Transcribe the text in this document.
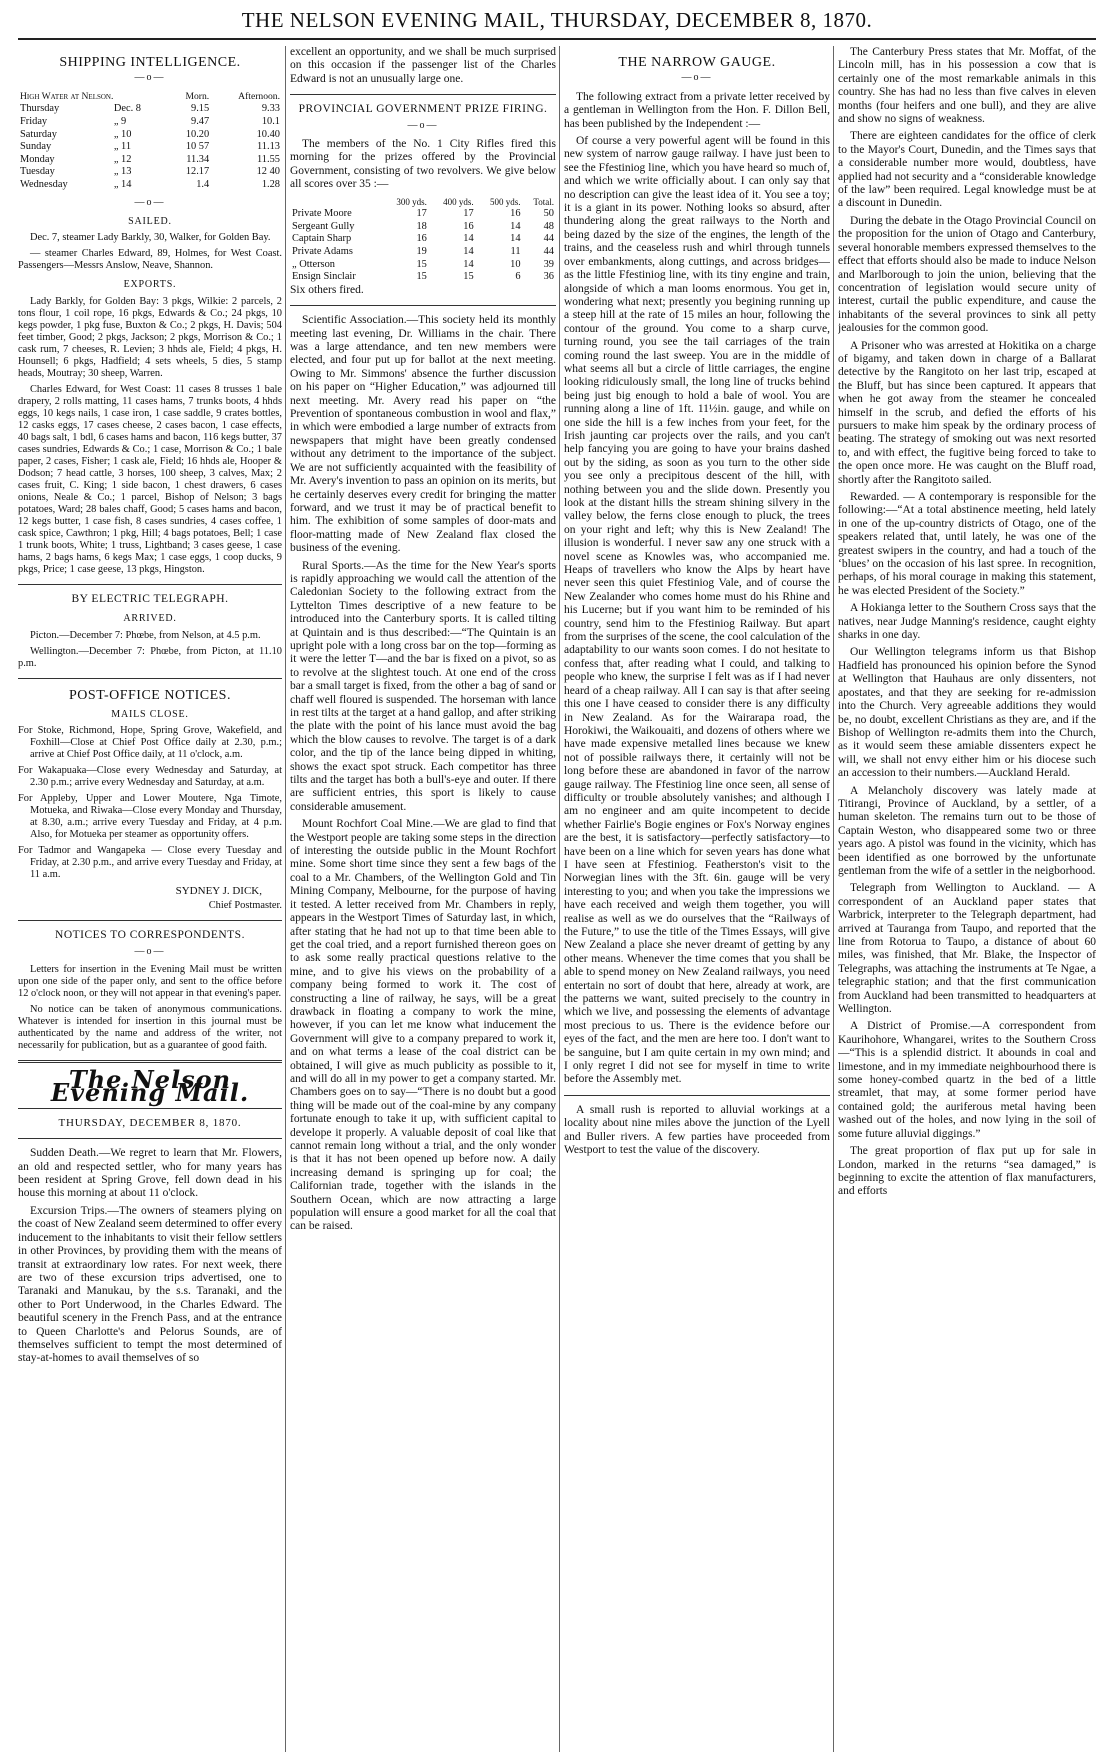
THE NELSON EVENING MAIL, THURSDAY, DECEMBER 8, 1870.
SHIPPING INTELLIGENCE.
—o—
High Water at Nelson.		Morn.	Afternoon.
Thursday	Dec. 8	9.15	9.33
Friday	„ 9	9.47	10.1
Saturday	„ 10	10.20	10.40
Sunday	„ 11	10 57	11.13
Monday	„ 12	11.34	11.55
Tuesday	„ 13	12.17	12 40
Wednesday	„ 14	1.4	1.28
—o—
SAILED.

Dec. 7, steamer Lady Barkly, 30, Walker, for Golden Bay.

— steamer Charles Edward, 89, Holmes, for West Coast. Passengers—Messrs Anslow, Neave, Shannon.

EXPORTS.

Lady Barkly, for Golden Bay: 3 pkgs, Wilkie: 2 parcels, 2 tons flour, 1 coil rope, 16 pkgs, Edwards & Co.; 24 pkgs, 10 kegs powder, 1 pkg fuse, Buxton & Co.; 2 pkgs, H. Davis; 504 feet timber, Good; 2 pkgs, Jackson; 2 pkgs, Morrison & Co.; 1 cask rum, 7 cheeses, R. Levien; 3 hhds ale, Field; 4 pkgs, H. Hounsell; 6 pkgs, Hadfield; 4 sets wheels, 5 dies, 5 stamp heads, Moutray; 30 sheep, Warren.

Charles Edward, for West Coast: 11 cases 8 trusses 1 bale drapery, 2 rolls matting, 11 cases hams, 7 trunks boots, 4 hhds eggs, 10 kegs nails, 1 case iron, 1 case saddle, 9 crates bottles, 12 casks eggs, 17 cases cheese, 2 cases bacon, 1 case effects, 40 bags salt, 1 bdl, 6 cases hams and bacon, 116 kegs butter, 37 cases sundries, Edwards & Co.; 1 case, Morrison & Co.; 1 bale paper, 2 cases, Fisher; 1 cask ale, Field; 16 hhds ale, Hooper & Dodson; 7 head cattle, 3 horses, 100 sheep, 3 calves, Max; 2 cases fruit, C. King; 1 side bacon, 1 chest drawers, 6 cases onions, Neale & Co.; 1 parcel, Bishop of Nelson; 3 bags potatoes, Ward; 28 bales chaff, Good; 5 cases hams and bacon, 12 kegs butter, 1 case fish, 8 cases sundries, 4 cases coffee, 1 cask spice, Cawthron; 1 pkg, Hill; 4 bags potatoes, Bell; 1 case 1 trunk boots, White; 1 truss, Lightband; 3 cases geese, 1 case hams, 2 bags hams, 6 kegs Max; 1 case eggs, 1 coop ducks, 9 pkgs, Price; 1 case geese, 13 pkgs, Hingston.

BY ELECTRIC TELEGRAPH.
ARRIVED.

Picton.—December 7: Phœbe, from Nelson, at 4.5 p.m.

Wellington.—December 7: Phœbe, from Picton, at 11.10 p.m.

POST-OFFICE NOTICES.
MAILS CLOSE.

For Stoke, Richmond, Hope, Spring Grove, Wakefield, and Foxhill—Close at Chief Post Office daily at 2.30, p.m.; arrive at Chief Post Office daily, at 11 o'clock, a.m.

For Wakapuaka—Close every Wednesday and Saturday, at 2.30 p.m.; arrive every Wednesday and Saturday, at a.m.

For Appleby, Upper and Lower Moutere, Nga Timote, Motueka, and Riwaka—Close every Monday and Thursday, at 8.30, a.m.; arrive every Tuesday and Friday, at 4 p.m. Also, for Motueka per steamer as opportunity offers.

For Tadmor and Wangapeka — Close every Tuesday and Friday, at 2.30 p.m., and arrive every Tuesday and Friday, at 11 a.m.

SYDNEY J. DICK,
Chief Postmaster.
NOTICES TO CORRESPONDENTS.
—o—

Letters for insertion in the Evening Mail must be written upon one side of the paper only, and sent to the office before 12 o'clock noon, or they will not appear in that evening's paper.

No notice can be taken of anonymous communications. Whatever is intended for insertion in this journal must be authenticated by the name and address of the writer, not necessarily for publication, but as a guarantee of good faith.

The Nelson Evening Mail.
THURSDAY, DECEMBER 8, 1870.

Sudden Death.—We regret to learn that Mr. Flowers, an old and respected settler, who for many years has been resident at Spring Grove, fell down dead in his house this morning at about 11 o'clock.

Excursion Trips.—The owners of steamers plying on the coast of New Zealand seem determined to offer every inducement to the inhabitants to visit their fellow settlers in other Provinces, by providing them with the means of transit at extraordinary low rates. For next week, there are two of these excursion trips advertised, one to Taranaki and Manukau, by the s.s. Taranaki, and the other to Port Underwood, in the Charles Edward. The beautiful scenery in the French Pass, and at the entrance to Queen Charlotte's and Pelorus Sounds, are of themselves sufficient to tempt the most determined of stay-at-homes to avail themselves of so

excellent an opportunity, and we shall be much surprised on this occasion if the passenger list of the Charles Edward is not an unusually large one.

PROVINCIAL GOVERNMENT PRIZE FIRING.
—o—

The members of the No. 1 City Rifles fired this morning for the prizes offered by the Provincial Government, consisting of two revolvers. We give below all scores over 35 :—

	300 yds.	400 yds.	500 yds.	Total.
Private Moore	17	17	16	50
Sergeant Gully	18	16	14	48
Captain Sharp	16	14	14	44
Private Adams	19	14	11	44
„ Otterson	15	14	10	39
Ensign Sinclair	15	15	6	36

Six others fired.

Scientific Association.—This society held its monthly meeting last evening, Dr. Williams in the chair. There was a large attendance, and ten new members were elected, and four put up for ballot at the next meeting. Owing to Mr. Simmons' absence the further discussion on his paper on “Higher Education,” was adjourned till next meeting. Mr. Avery read his paper on “the Prevention of spontaneous combustion in wool and flax,” in which were embodied a large number of extracts from newspapers that might have been greatly condensed without any detriment to the importance of the subject. We are not sufficiently acquainted with the feasibility of Mr. Avery's invention to pass an opinion on its merits, but he certainly deserves every credit for bringing the matter forward, and we trust it may be of practical benefit to him. The exhibition of some samples of door-mats and floor-matting made of New Zealand flax closed the business of the evening.

Rural Sports.—As the time for the New Year's sports is rapidly approaching we would call the attention of the Caledonian Society to the following extract from the Lyttelton Times descriptive of a new feature to be introduced into the Canterbury sports. It is called tilting at Quintain and is thus described:—“The Quintain is an upright pole with a long cross bar on the top—forming as it were the letter T—and the bar is fixed on a pivot, so as to revolve at the slightest touch. At one end of the cross bar a small target is fixed, from the other a bag of sand or chaff well floured is suspended. The horseman with lance in rest tilts at the target at a hand gallop, and after striking the plate with the point of his lance must avoid the bag which the blow causes to revolve. The target is of a dark color, and the tip of the lance being dipped in whiting, shows the exact spot struck. Each competitor has three tilts and the target has both a bull's-eye and outer. If there are sufficient entries, this sport is likely to cause considerable amusement.

Mount Rochfort Coal Mine.—We are glad to find that the Westport people are taking some steps in the direction of interesting the outside public in the Mount Rochfort mine. Some short time since they sent a few bags of the coal to a Mr. Chambers, of the Wellington Gold and Tin Mining Company, Melbourne, for the purpose of having it tested. A letter received from Mr. Chambers in reply, appears in the Westport Times of Saturday last, in which, after stating that he had not up to that time been able to get the coal tried, and a report furnished thereon goes on to ask some really practical questions relative to the mine, and to give his views on the probability of a company being formed to work it. The cost of constructing a line of railway, he says, will be a great drawback in floating a company to work the mine, however, if you can let me know what inducement the Government will give to a company prepared to work it, and on what terms a lease of the coal district can be obtained, I will give as much publicity as possible to it, and will do all in my power to get a company started. Mr. Chambers goes on to say—“There is no doubt but a good thing will be made out of the coal-mine by any company fortunate enough to take it up, with sufficient capital to develope it properly. A valuable deposit of coal like that cannot remain long without a trial, and the only wonder is that it has not been opened up before now. A daily increasing demand is springing up for coal; the Californian trade, together with the islands in the Southern Ocean, which are now attracting a large population will ensure a good market for all the coal that can be raised.

THE NARROW GAUGE.
—o—

The following extract from a private letter received by a gentleman in Wellington from the Hon. F. Dillon Bell, has been published by the Independent :—

Of course a very powerful agent will be found in this new system of narrow gauge railway. I have just been to see the Ffestiniog line, which you have heard so much of, and which we write officially about. I can only say that no description can give the least idea of it. You see a toy; it is a giant in its power. Nothing looks so absurd, after thundering along the great railways to the North and being dazed by the size of the engines, the length of the trains, and the ceaseless rush and whirl through tunnels over embankments, along cuttings, and across bridges—as the little Ffestiniog line, with its tiny engine and train, alongside of which a man looms enormous. You get in, wondering what next; presently you begining running up a steep hill at the rate of 15 miles an hour, following the contour of the ground. You come to a sharp curve, turning round, you see the tail carriages of the train coming round the last sweep. You are in the middle of what seems all but a circle of little carriages, the engine looking ridiculously small, the long line of trucks behind being just big enough to hold a bale of wool. You are running along a line of 1ft. 11½in. gauge, and while on one side the hill is a few inches from your feet, for the Irish jaunting car projects over the rails, and you can't help fancying you are going to have your brains dashed out by the siding, as soon as you turn to the other side you see only a precipitous descent of the hill, with nothing between you and the slide down. Presently you look at the distant hills the stream shining silvery in the valley below, the ferns close enough to pluck, the trees on your right and left; why this is New Zealand! The illusion is wonderful. I never saw any one struck with a novel scene as Knowles was, who accompanied me. Heaps of travellers who know the Alps by heart have never seen this quiet Ffestiniog Vale, and of course the New Zealander who comes home must do his Rhine and his Lucerne; but if you want him to be reminded of his country, send him to the Ffestiniog Railway. But apart from the surprises of the scene, the cool calculation of the adaptability to our wants soon comes. I do not hesitate to confess that, after reading what I could, and talking to people who knew, the surprise I felt was as if I had never heard of a cheap railway. All I can say is that after seeing this one I have ceased to consider there is any difficulty in New Zealand. As for the Wairarapa road, the Horokiwi, the Waikouaiti, and dozens of others where we have made expensive metalled lines because we knew not of possible railways there, it certainly will not be long before these are abandoned in favor of the narrow gauge railway. The Ffestiniog line once seen, all sense of difficulty or trouble absolutely vanishes; and although I am no engineer and am quite incompetent to decide whether Fairlie's Bogie engines or Fox's Norway engines are the best, it is satisfactory—perfectly satisfactory—to have been on a line which for seven years has done what I have seen at Ffestiniog. Featherston's visit to the Norwegian lines with the 3ft. 6in. gauge will be very interesting to you; and when you take the impressions we have each received and weigh them together, you will realise as well as we do ourselves that the “Railways of the Future,” to use the title of the Times Essays, will give New Zealand a place she never dreamt of getting by any other means. Whenever the time comes that you shall be able to spend money on New Zealand railways, you need entertain no sort of doubt that here, already at work, are the patterns we want, suited precisely to the country in which we live, and possessing the elements of advantage most precious to us. There is the evidence before our eyes of the fact, and the men are here too. I don't want to be sanguine, but I am quite certain in my own mind; and I only regret I did not see for myself in time to write before the Assembly met.

A small rush is reported to alluvial workings at a locality about nine miles above the junction of the Lyell and Buller rivers. A few parties have proceeded from Westport to test the value of the discovery.

The Canterbury Press states that Mr. Moffat, of the Lincoln mill, has in his possession a cow that is certainly one of the most remarkable animals in this country. She has had no less than five calves in eleven months (four heifers and one bull), and they are alive and show no signs of weakness.

There are eighteen candidates for the office of clerk to the Mayor's Court, Dunedin, and the Times says that a considerable number more would, doubtless, have applied had not security and a “considerable knowledge of the law” been required. Legal knowledge must be at a discount in Dunedin.

During the debate in the Otago Provincial Council on the proposition for the union of Otago and Canterbury, several honorable members expressed themselves to the effect that efforts should also be made to induce Nelson and Marlborough to join the union, believing that the concentration of legislation would secure unity of interest, curtail the public expenditure, and cause the inhabitants of the several provinces to sink all petty jealousies for the common good.

A Prisoner who was arrested at Hokitika on a charge of bigamy, and taken down in charge of a Ballarat detective by the Rangitoto on her last trip, escaped at the Bluff, but has since been captured. It appears that when he got away from the steamer he concealed himself in the scrub, and defied the efforts of his pursuers to make him speak by the ordinary process of beating. The strategy of smoking out was next resorted to, and with effect, the fugitive being forced to take to the open once more. He was caught on the Bluff road, shortly after the Rangitoto sailed.

Rewarded. — A contemporary is responsible for the following:—“At a total abstinence meeting, held lately in one of the up-country districts of Otago, one of the speakers related that, until lately, he was one of the greatest swipers in the country, and had a touch of the ‘blues’ on the occasion of his last spree. In recognition, perhaps, of his moral courage in making this statement, he was elected President of the Society.”

A Hokianga letter to the Southern Cross says that the natives, near Judge Manning's residence, caught eighty sharks in one day.

Our Wellington telegrams inform us that Bishop Hadfield has pronounced his opinion before the Synod at Wellington that Hauhaus are only dissenters, not apostates, and that they are seeking for re-admission into the Church. Very agreeable additions they would be, no doubt, excellent Christians as they are, and if the Bishop of Wellington re-admits them into the Church, as it would seem these amiable dissenters expect he will, we shall not envy either him or his diocese such an accession to their numbers.—Auckland Herald.

A Melancholy discovery was lately made at Titirangi, Province of Auckland, by a settler, of a human skeleton. The remains turn out to be those of Captain Weston, who disappeared some two or three years ago. A pistol was found in the vicinity, which has been identified as one borrowed by the unfortunate gentleman from the wife of a settler in the neigborhood.

Telegraph from Wellington to Auckland. — A correspondent of an Auckland paper states that Warbrick, interpreter to the Telegraph department, had arrived at Tauranga from Taupo, and reported that the line from Rotorua to Taupo, a distance of about 60 miles, was finished, that Mr. Blake, the Inspector of Telegraphs, was attaching the instruments at Te Ngae, a telegraphic station; and that the first communication from Auckland had been transmitted to headquarters at Wellington.

A District of Promise.—A correspondent from Kaurihohore, Whangarei, writes to the Southern Cross—“This is a splendid district. It abounds in coal and limestone, and in my immediate neighbourhood there is some honey-combed quartz in the bed of a little streamlet, that may, at some former period have contained gold; the auriferous metal having been washed out of the holes, and now lying in the soil of some future alluvial diggings.”

The great proportion of flax put up for sale in London, marked in the returns “sea damaged,” is beginning to excite the attention of flax manufacturers, and efforts
